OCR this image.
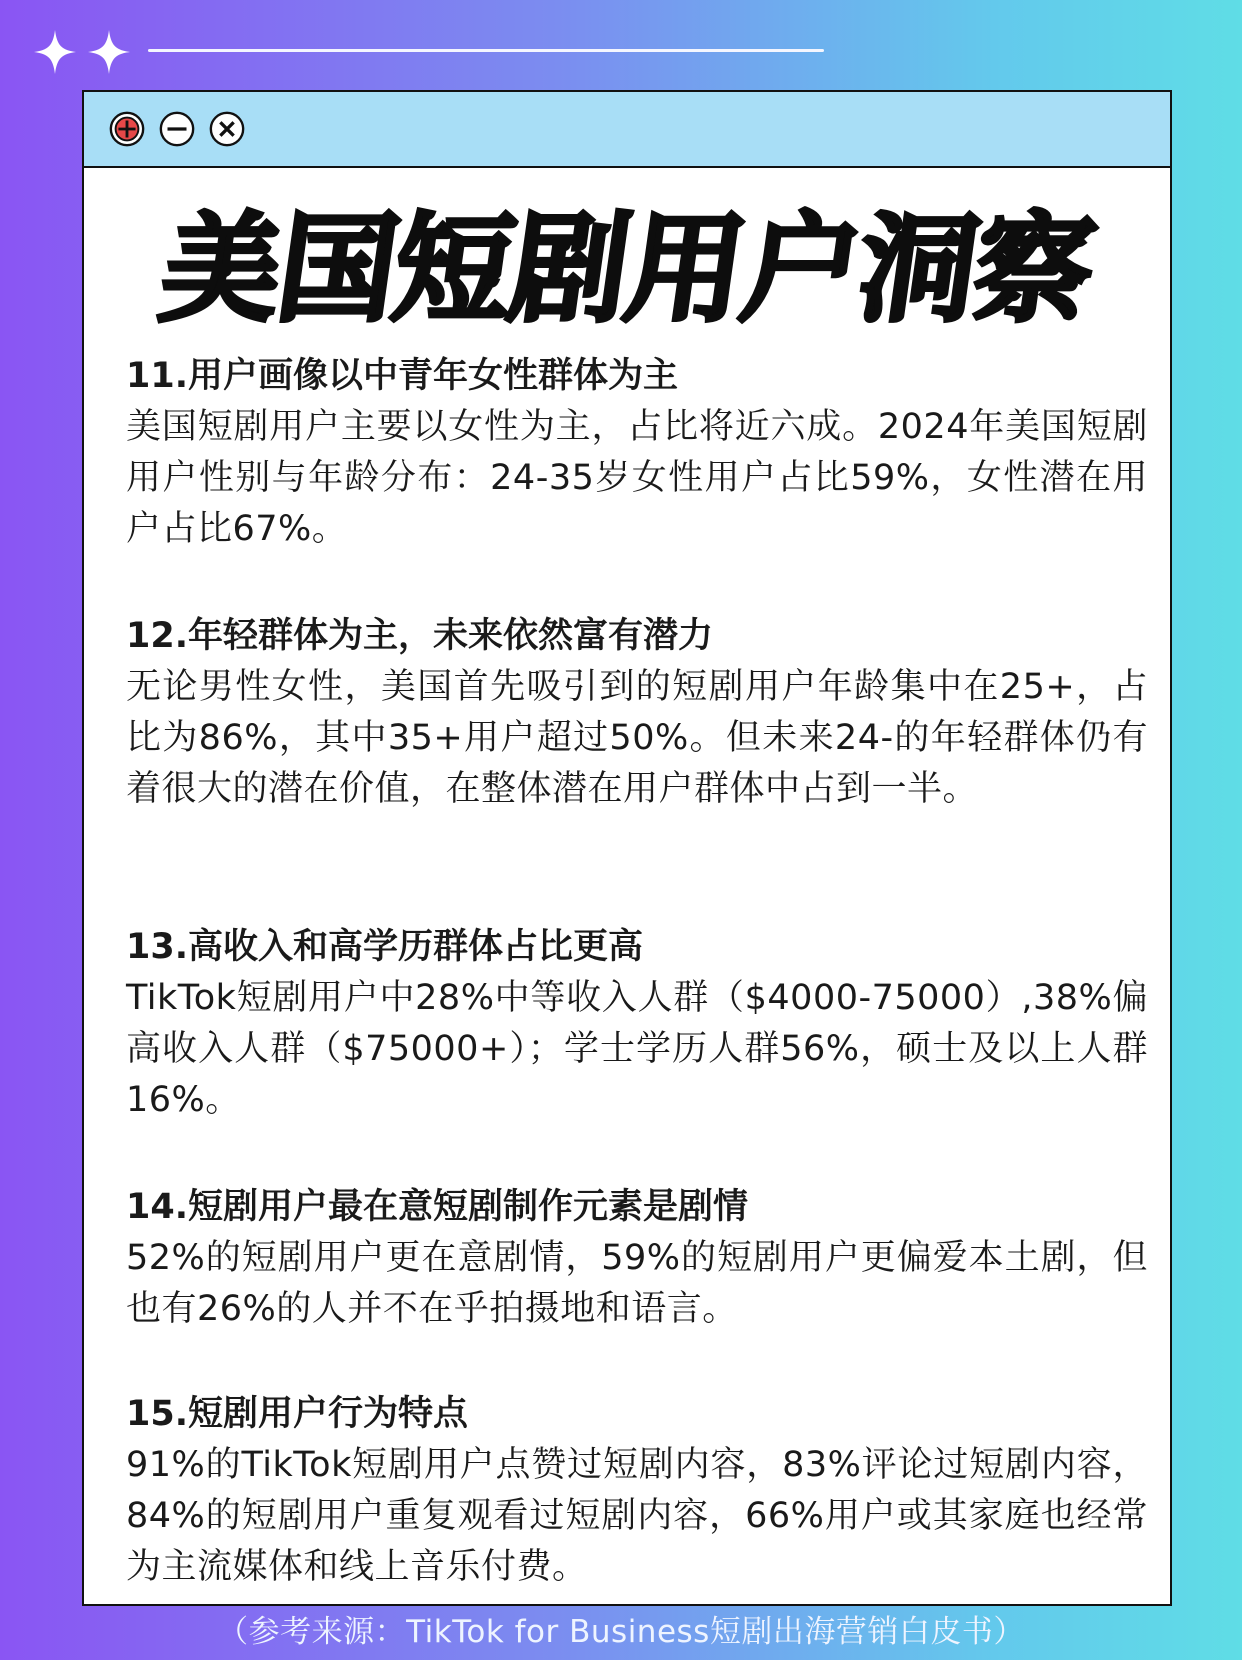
美国短剧用户洞察

11.用户画像以中青年女性群体为主

美国短剧用户主要以女性为主，占比将近六成。2024年美国短剧用户性别与年龄分布：24-35岁女性用户占比59%，女性潜在用户占比67%。

12.年轻群体为主，未来依然富有潜力

无论男性女性，美国首先吸引到的短剧用户年龄集中在25+，占比为86%，其中35+用户超过50%。但未来24-的年轻群体仍有着很大的潜在价值，在整体潜在用户群体中占到一半。

13.高收入和高学历群体占比更高

TikTok短剧用户中28%中等收入人群（$4000-75000）,38%偏高收入人群（$75000+）；学士学历人群56%，硕士及以上人群16%。

14.短剧用户最在意短剧制作元素是剧情

52%的短剧用户更在意剧情，59%的短剧用户更偏爱本土剧，但也有26%的人并不在乎拍摄地和语言。

15.短剧用户行为特点

91%的TikTok短剧用户点赞过短剧内容，83%评论过短剧内容，84%的短剧用户重复观看过短剧内容，66%用户或其家庭也经常为主流媒体和线上音乐付费。

（参考来源：TikTok for Business短剧出海营销白皮书）
